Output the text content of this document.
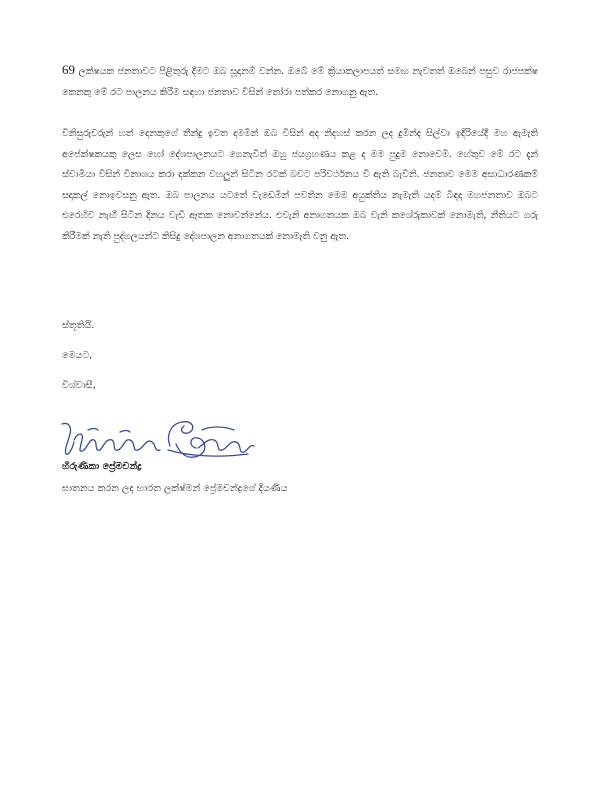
69 ලක්ෂයක ජනතාවට පිළිතුරු දීමට ඔබ සූදානම් වන්න. ඔබේ මේ ක්‍රියාකලාපයත් සමඟ නැවතත් ඔබෙන් පසුව රාජපක්ෂ කෙනකු මේ රට පාලනය කිරීම සඳහා ජනතාව විසින් තෝරා පත්කර නොගනු ඇත.

විනිසුරුවරුන් හත් දෙනකුගේ තීන්දු ඉවත දමමින් ඔබ විසින් අද නිදහස් කරන ලද දුමින්ද සිල්වා ඉදිරියේදී මහ ඇමැති අපේක්ෂකයකු ලෙස හෝ දේශපාලනයට ගෙනැවිත් ඔහු ජයග්‍රහණය කළ ද මම පුදුම නොවෙමි. හේතුව මේ රට දැන් ස්වාමියා විසින් විනාශය කරා දක්කන වහලුන් සිටින රටක් බවට පරිවර්ථනය වී ඇති බැවිනි. ජනතාව මෙම අසාධාරණකම් සදාකල් නොඉවසනු ඇත. ඔබ පාලනය යටතේ වැඩෙමින් පවතින මෙම අයුක්තිය නැමැති යදම් බිඳදා මහජනතාව ඔබට එරෙහිව නැඟී සිටින දිනය වැඩි ඈතක නොවන්නේය. එවැනි අනාගතයක ඔබ වැනි කශේරුකාවක් නොමැති, නීතියට ගරු කිරීමක් නැති පුද්ගලයන්ට කිසිදු දේශපාලන අනාගතයක් නොමැති වනු ඇත.

ස්තූතියි.

මෙයට,

විශ්වාසී,

හිරුණිකා ප්‍රේමචන්ද්‍ර

ඝාතනය කරන ලද භාරත ලක්ෂ්මන් ප්‍රේමචන්ද්‍රගේ දියණිය
